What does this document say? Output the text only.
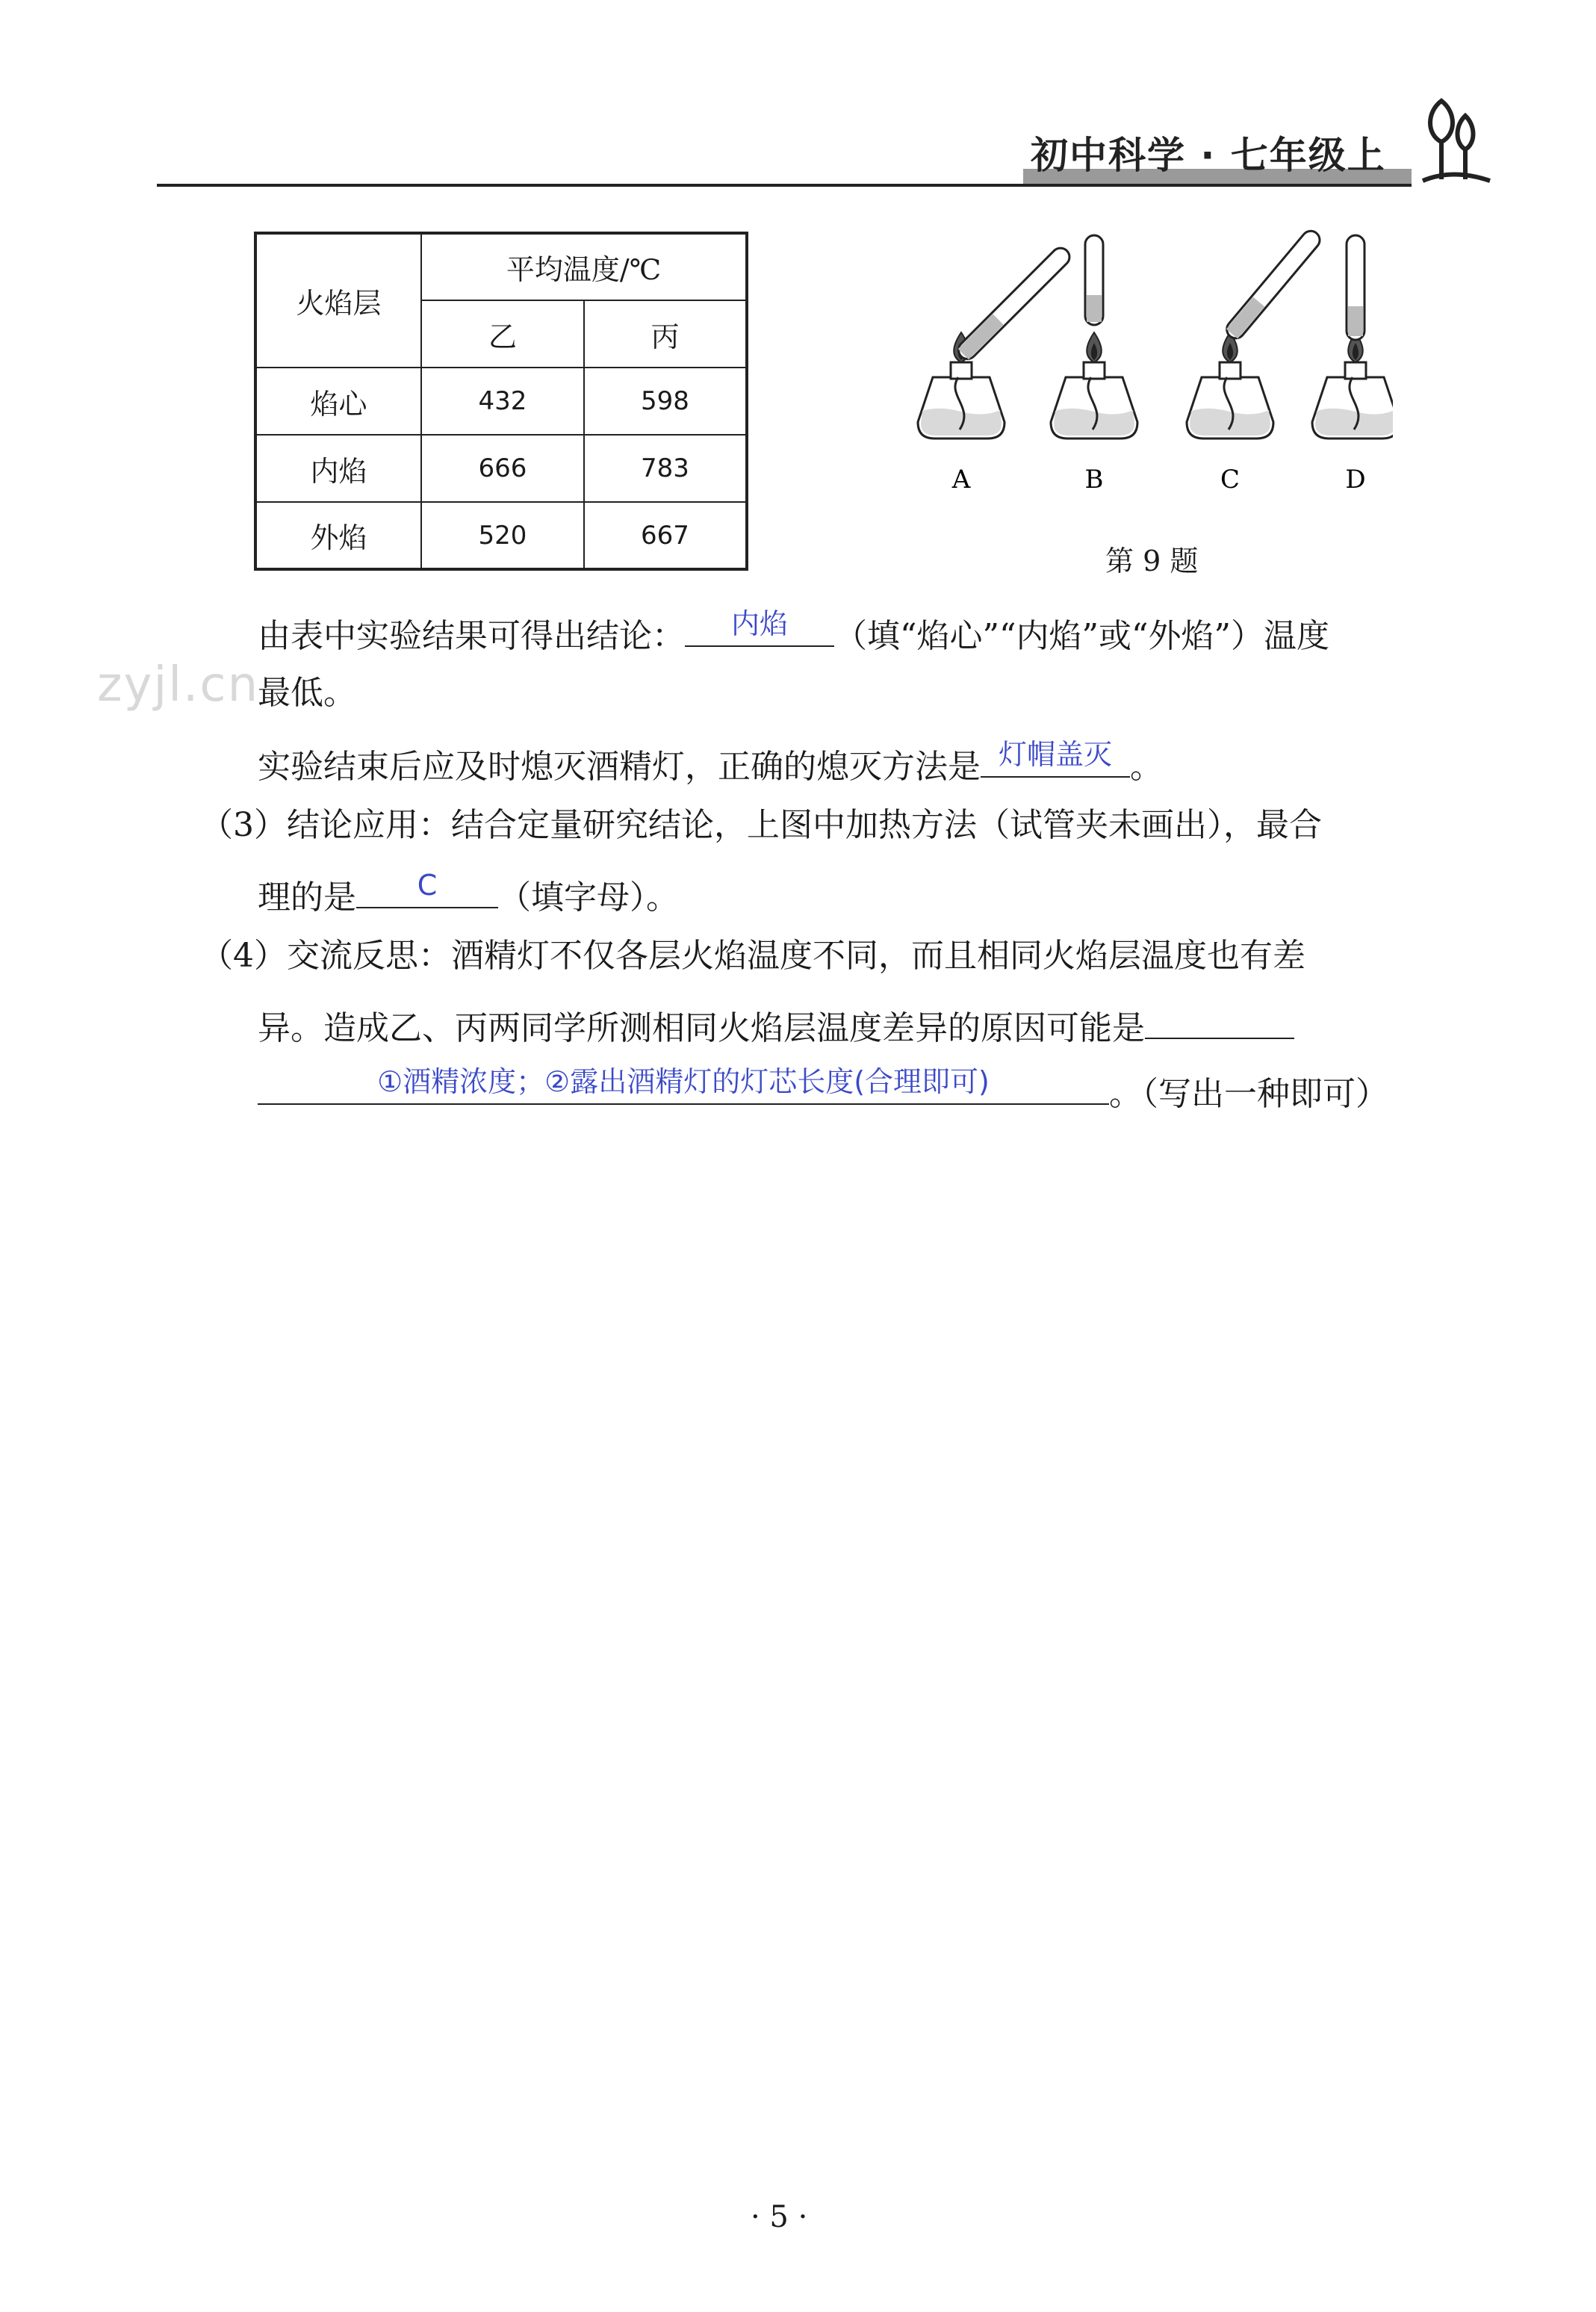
初中科学 · 七年级上
火焰层	平均温度/℃	
	乙	丙
焰心	432	598
内焰	666	783
外焰	520	667
A	B	C	D
第 9 题
zyjl.cn
由表中实验结果可得出结论：	内焰	（填“焰心”“内焰”或“外焰”）温度
最低。
实验结束后应及时熄灭酒精灯，正确的熄灭方法是 灯帽盖灭 。
（3）结论应用：结合定量研究结论，上图中加热方法（试管夹未画出），最合
理的是	C	（填字母）。
（4）交流反思：酒精灯不仅各层火焰温度不同，而且相同火焰层温度也有差
异。造成乙、丙两同学所测相同火焰层温度差异的原因可能是
①酒精浓度；②露出酒精灯的灯芯长度(合理即可)	。（写出一种即可）
· 5 ·
